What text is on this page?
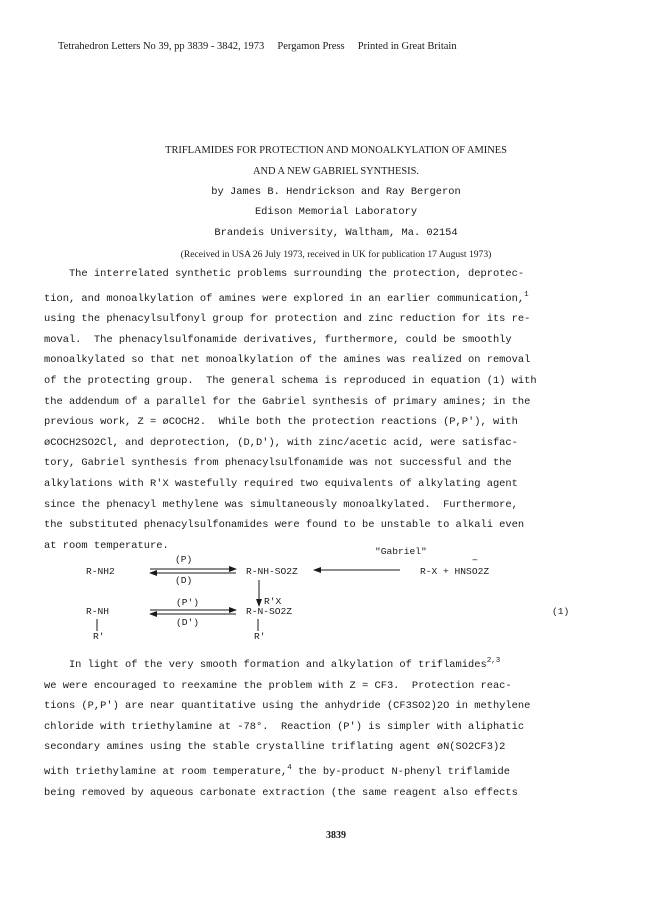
Tetrahedron Letters No 39, pp 3839 - 3842, 1973     Pergamon Press     Printed in Great Britain
TRIFLAMIDES FOR PROTECTION AND MONOALKYLATION OF AMINES
AND A NEW GABRIEL SYNTHESIS.
by James B. Hendrickson and Ray Bergeron
Edison Memorial Laboratory
Brandeis University, Waltham, Ma. 02154
(Received in USA 26 July 1973, received in UK for publication 17 August 1973)
The interrelated synthetic problems surrounding the protection, deprotec-
tion, and monoalkylation of amines were explored in an earlier communication,$^1$
using the phenacylsulfonyl group for protection and zinc reduction for its re-
moval.  The phenacylsulfonamide derivatives, furthermore, could be smoothly
monoalkylated so that net monoalkylation of the amines was realized on removal
of the protecting group.  The general schema is reproduced in equation (1) with
the addendum of a parallel for the Gabriel synthesis of primary amines; in the
previous work, Z = øCOCH2.  While both the protection reactions (P,P'), with
øCOCH2SO2Cl, and deprotection, (D,D'), with zinc/acetic acid, were satisfac-
tory, Gabriel synthesis from phenacylsulfonamide was not successful and the
alkylations with R'X wastefully required two equivalents of alkylating agent
since the phenacyl methylene was simultaneously monoalkylated.  Furthermore,
the substituted phenacylsulfonamides were found to be unstable to alkali even
at room temperature.
R-NH2
(P)
(D)
R-NH-SO2Z
"Gabriel"
R-X + HNSO2Z
−
R'X
R-NH
R'
(P')
(D')
R-N-SO2Z
R'
(1)
In light of the very smooth formation and alkylation of triflamides$^{2,3}$
we were encouraged to reexamine the problem with Z = CF3.  Protection reac-
tions (P,P') are near quantitative using the anhydride (CF3SO2)2O in methylene
chloride with triethylamine at -78°.  Reaction (P') is simpler with aliphatic
secondary amines using the stable crystalline triflating agent øN(SO2CF3)2
with triethylamine at room temperature,$^4$ the by-product N-phenyl triflamide
being removed by aqueous carbonate extraction (the same reagent also effects
3839
